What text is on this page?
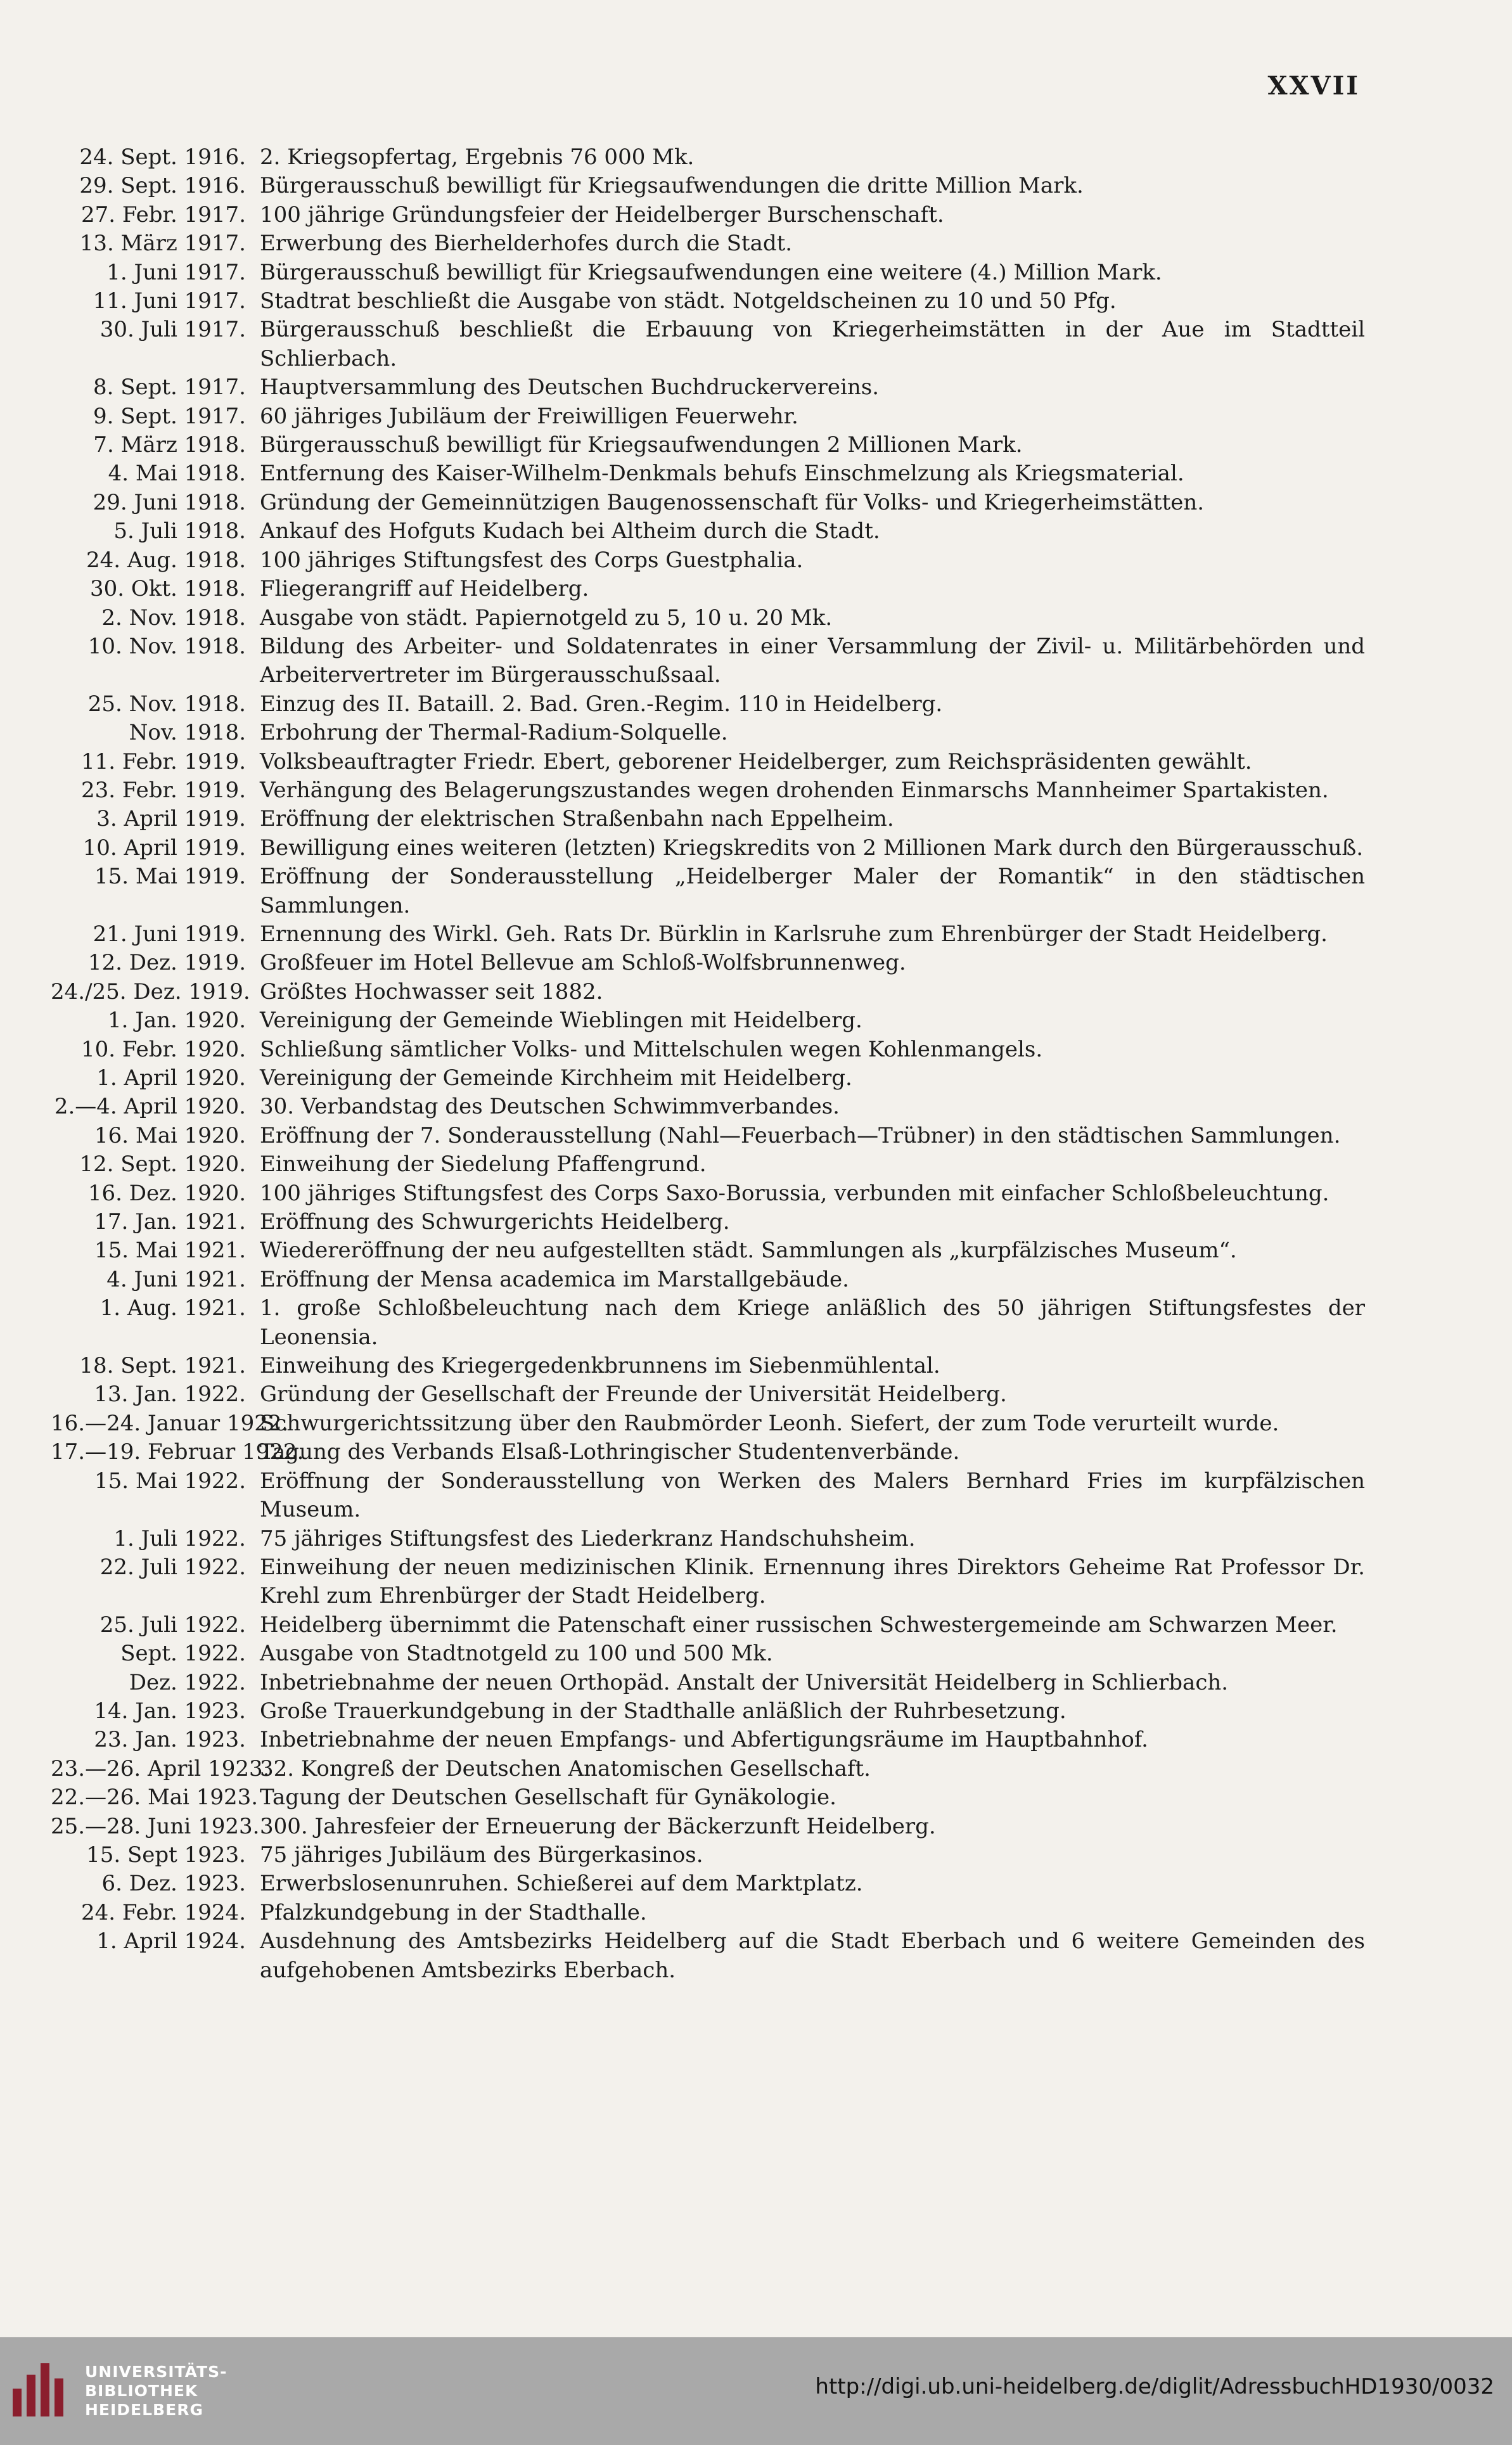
XXVII
24. Sept. 1916. 2. Kriegsopfertag, Ergebnis 76 000 Mk.
29. Sept. 1916. Bürgerausschuß bewilligt für Kriegsaufwendungen die dritte Million Mark.
27. Febr. 1917. 100 jährige Gründungsfeier der Heidelberger Burschenschaft.
13. März 1917. Erwerbung des Bierhelderhofes durch die Stadt.
1. Juni 1917. Bürgerausschuß bewilligt für Kriegsaufwendungen eine weitere (4.) Million Mark.
11. Juni 1917. Stadtrat beschließt die Ausgabe von städt. Notgeldscheinen zu 10 und 50 Pfg.
30. Juli 1917. Bürgerausschuß beschließt die Erbauung von Kriegerheimstätten in der Aue im Stadtteil Schlierbach.
8. Sept. 1917. Hauptversammlung des Deutschen Buchdruckervereins.
9. Sept. 1917. 60 jähriges Jubiläum der Freiwilligen Feuerwehr.
7. März 1918. Bürgerausschuß bewilligt für Kriegsaufwendungen 2 Millionen Mark.
4. Mai 1918. Entfernung des Kaiser-Wilhelm-Denkmals behufs Einschmelzung als Kriegsmaterial.
29. Juni 1918. Gründung der Gemeinnützigen Baugenossenschaft für Volks- und Kriegerheimstätten.
5. Juli 1918. Ankauf des Hofguts Kudach bei Altheim durch die Stadt.
24. Aug. 1918. 100 jähriges Stiftungsfest des Corps Guestphalia.
30. Okt. 1918. Fliegerangriff auf Heidelberg.
2. Nov. 1918. Ausgabe von städt. Papiernotgeld zu 5, 10 u. 20 Mk.
10. Nov. 1918. Bildung des Arbeiter- und Soldatenrates in einer Versammlung der Zivil- u. Militärbehörden und Arbeitervertreter im Bürgerausschußsaal.
25. Nov. 1918. Einzug des II. Bataill. 2. Bad. Gren.-Regim. 110 in Heidelberg.
Nov. 1918. Erbohrung der Thermal-Radium-Solquelle.
11. Febr. 1919. Volksbeauftragter Friedr. Ebert, geborener Heidelberger, zum Reichspräsidenten gewählt.
23. Febr. 1919. Verhängung des Belagerungszustandes wegen drohenden Einmarschs Mannheimer Spartakisten.
3. April 1919. Eröffnung der elektrischen Straßenbahn nach Eppelheim.
10. April 1919. Bewilligung eines weiteren (letzten) Kriegskredits von 2 Millionen Mark durch den Bürgerausschuß.
15. Mai 1919. Eröffnung der Sonderausstellung „Heidelberger Maler der Romantik“ in den städtischen Sammlungen.
21. Juni 1919. Ernennung des Wirkl. Geh. Rats Dr. Bürklin in Karlsruhe zum Ehrenbürger der Stadt Heidelberg.
12. Dez. 1919. Großfeuer im Hotel Bellevue am Schloß-Wolfsbrunnenweg.
24./25. Dez. 1919. Größtes Hochwasser seit 1882.
1. Jan. 1920. Vereinigung der Gemeinde Wieblingen mit Heidelberg.
10. Febr. 1920. Schließung sämtlicher Volks- und Mittelschulen wegen Kohlenmangels.
1. April 1920. Vereinigung der Gemeinde Kirchheim mit Heidelberg.
2.—4. April 1920. 30. Verbandstag des Deutschen Schwimmverbandes.
16. Mai 1920. Eröffnung der 7. Sonderausstellung (Nahl—Feuerbach—Trübner) in den städtischen Sammlungen.
12. Sept. 1920. Einweihung der Siedelung Pfaffengrund.
16. Dez. 1920. 100 jähriges Stiftungsfest des Corps Saxo-Borussia, verbunden mit einfacher Schloßbeleuchtung.
17. Jan. 1921. Eröffnung des Schwurgerichts Heidelberg.
15. Mai 1921. Wiedereröffnung der neu aufgestellten städt. Sammlungen als „kurpfälzisches Museum“.
4. Juni 1921. Eröffnung der Mensa academica im Marstallgebäude.
1. Aug. 1921. 1. große Schloßbeleuchtung nach dem Kriege anläßlich des 50 jährigen Stiftungsfestes der Leonensia.
18. Sept. 1921. Einweihung des Kriegergedenkbrunnens im Siebenmühlental.
13. Jan. 1922. Gründung der Gesellschaft der Freunde der Universität Heidelberg.
16.—24. Januar 1922.
Schwurgerichtssitzung über den Raubmörder Leonh. Siefert, der zum Tode verurteilt wurde.
17.—19. Februar 1922.
Tagung des Verbands Elsaß-Lothringischer Studentenverbände.
15. Mai 1922. Eröffnung der Sonderausstellung von Werken des Malers Bernhard Fries im kurpfälzischen Museum.
1. Juli 1922. 75 jähriges Stiftungsfest des Liederkranz Handschuhsheim.
22. Juli 1922. Einweihung der neuen medizinischen Klinik. Ernennung ihres Direktors Geheime Rat Professor Dr. Krehl zum Ehrenbürger der Stadt Heidelberg.
25. Juli 1922. Heidelberg übernimmt die Patenschaft einer russischen Schwestergemeinde am Schwarzen Meer.
Sept. 1922. Ausgabe von Stadtnotgeld zu 100 und 500 Mk.
Dez. 1922. Inbetriebnahme der neuen Orthopäd. Anstalt der Universität Heidelberg in Schlierbach.
14. Jan. 1923. Große Trauerkundgebung in der Stadthalle anläßlich der Ruhrbesetzung.
23. Jan. 1923. Inbetriebnahme der neuen Empfangs- und Abfertigungsräume im Hauptbahnhof.
23.—26. April 1923.
32. Kongreß der Deutschen Anatomischen Gesellschaft.
22.—26. Mai 1923. Tagung der Deutschen Gesellschaft für Gynäkologie.
25.—28. Juni 1923. 300. Jahresfeier der Erneuerung der Bäckerzunft Heidelberg.
15. Sept 1923. 75 jähriges Jubiläum des Bürgerkasinos.
6. Dez. 1923. Erwerbslosenunruhen. Schießerei auf dem Marktplatz.
24. Febr. 1924. Pfalzkundgebung in der Stadthalle.
1. April 1924. Ausdehnung des Amtsbezirks Heidelberg auf die Stadt Eberbach und 6 weitere Gemeinden des aufgehobenen Amtsbezirks Eberbach.
UNIVERSITÄTS-
BIBLIOTHEK
HEIDELBERG
http://digi.ub.uni-heidelberg.de/diglit/AdressbuchHD1930/0032
